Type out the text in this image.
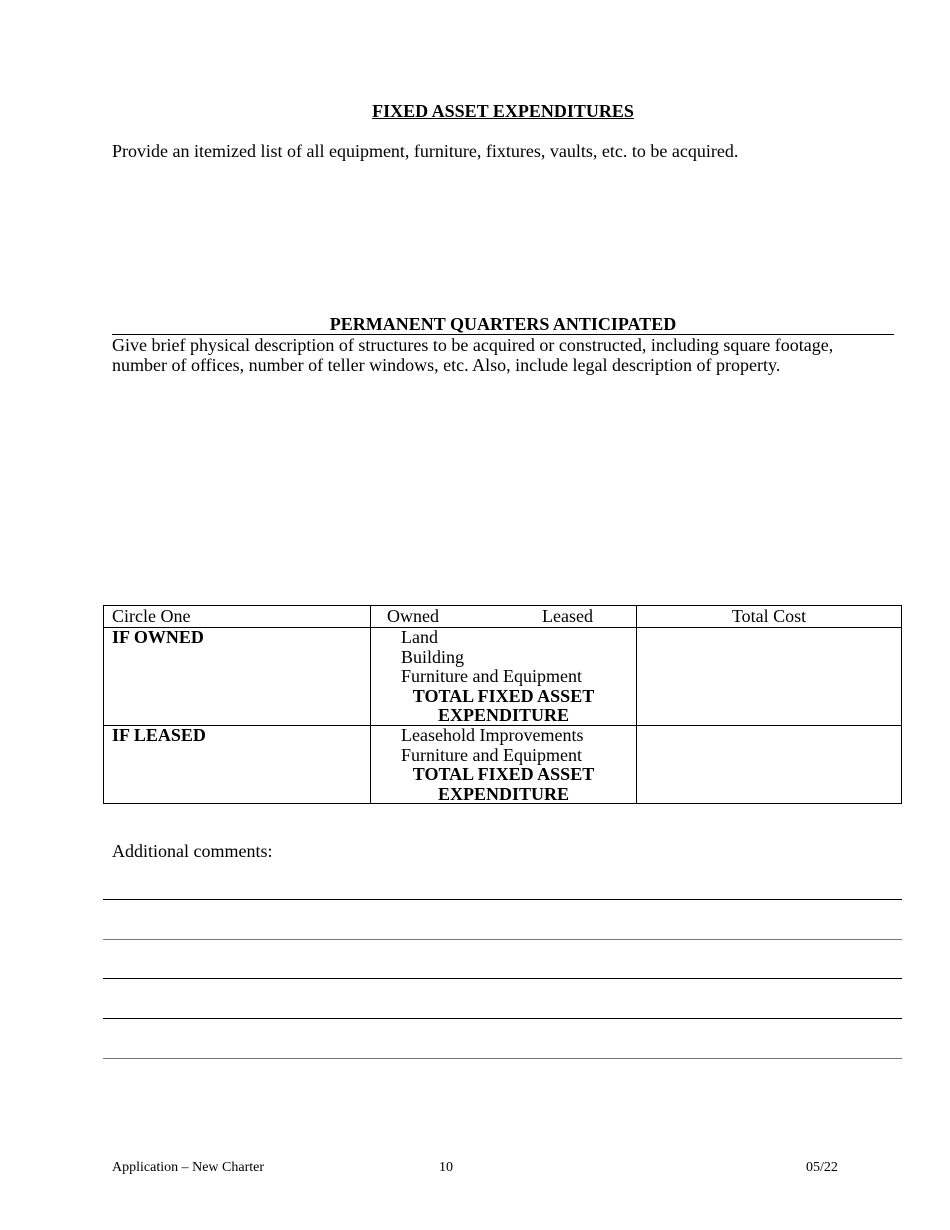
FIXED ASSET EXPENDITURES
Provide an itemized list of all equipment, furniture, fixtures, vaults, etc. to be acquired.
PERMANENT QUARTERS ANTICIPATED
Give brief physical description of structures to be acquired or constructed, including square footage,
number of offices, number of teller windows, etc. Also, include legal description of property.
Circle One	Owned	Leased	Total Cost
IF OWNED	Land
Building
Furniture and Equipment
TOTAL FIXED ASSET
EXPENDITURE
IF LEASED	Leasehold Improvements
Furniture and Equipment
TOTAL FIXED ASSET
EXPENDITURE
Additional comments:
Application – New Charter	10	05/22
